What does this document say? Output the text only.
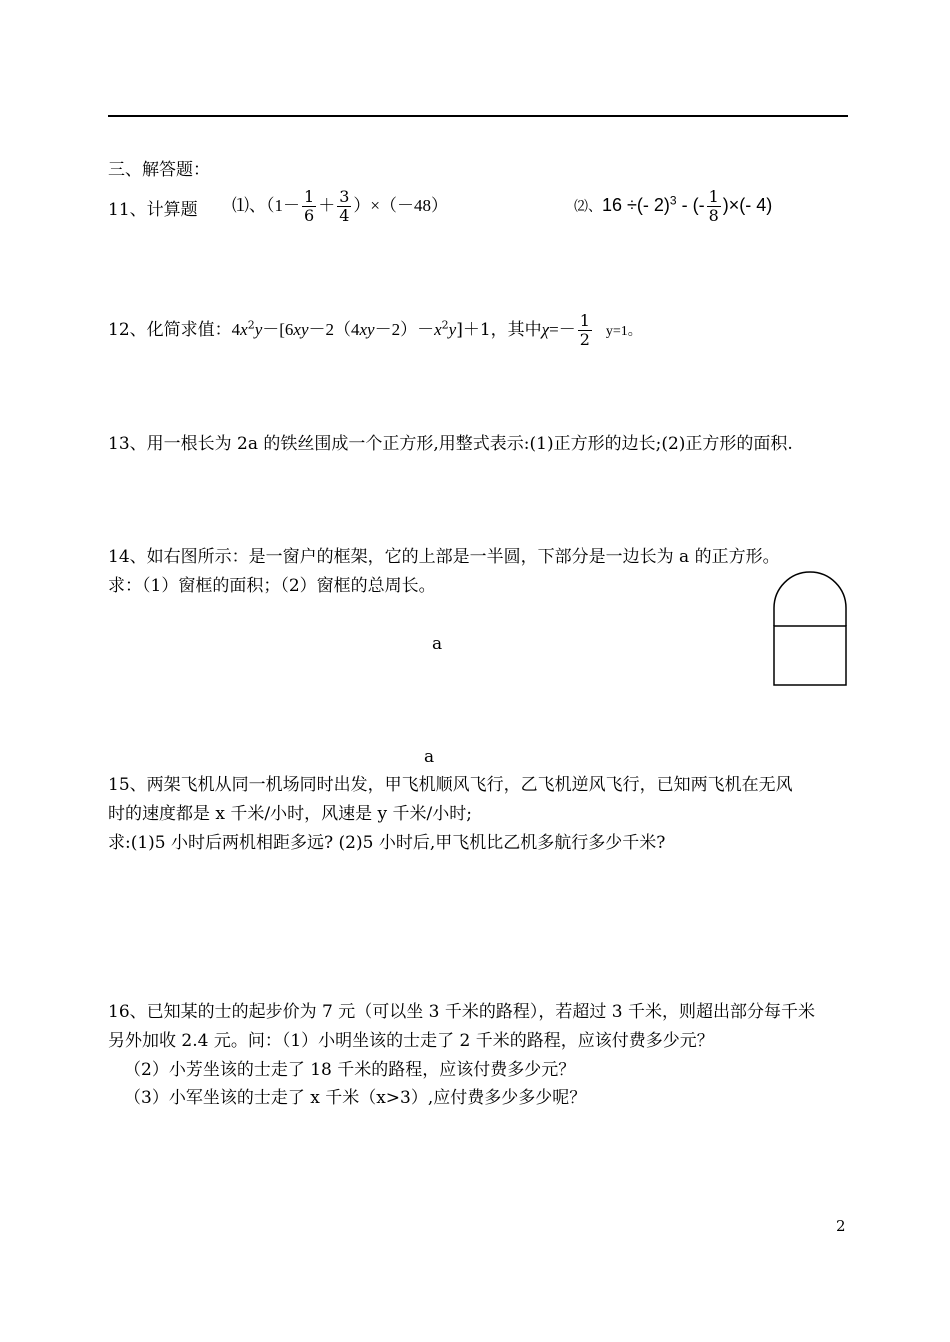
三、解答题：
11、计算题 ⑴、$(1- \frac{1}{6} + \frac{3}{4} )\times(-48)$	⑵、16 ÷(- 2)$^3$ - (- $\frac{1}{8}$ )×(- 4)
12、化简求值：$4x^2y-[6xy-2(4xy-2)-x^2y]+1$，其中$\chi=- \frac{1}{2} y=1$。
13、用一根长为 2a 的铁丝围成一个正方形,用整式表示:(1)正方形的边长;(2)正方形的面积.
14、如右图所示：是一窗户的框架，它的上部是一半圆，下部分是一边长为 a 的正方形。
求：（1）窗框的面积；（2）窗框的总周长。
a
a
15、两架飞机从同一机场同时出发，甲飞机顺风飞行，乙飞机逆风飞行，已知两飞机在无风
时的速度都是 x 千米/小时，风速是 y 千米/小时;
求:(1)5 小时后两机相距多远? (2)5 小时后,甲飞机比乙机多航行多少千米?
16、已知某的士的起步价为 7 元（可以坐 3 千米的路程），若超过 3 千米，则超出部分每千米
另外加收 2.4 元。问：（1）小明坐该的士走了 2 千米的路程，应该付费多少元？
（2）小芳坐该的士走了 18 千米的路程，应该付费多少元？
（3）小军坐该的士走了 x 千米（x>3）,应付费多少多少呢？
2
